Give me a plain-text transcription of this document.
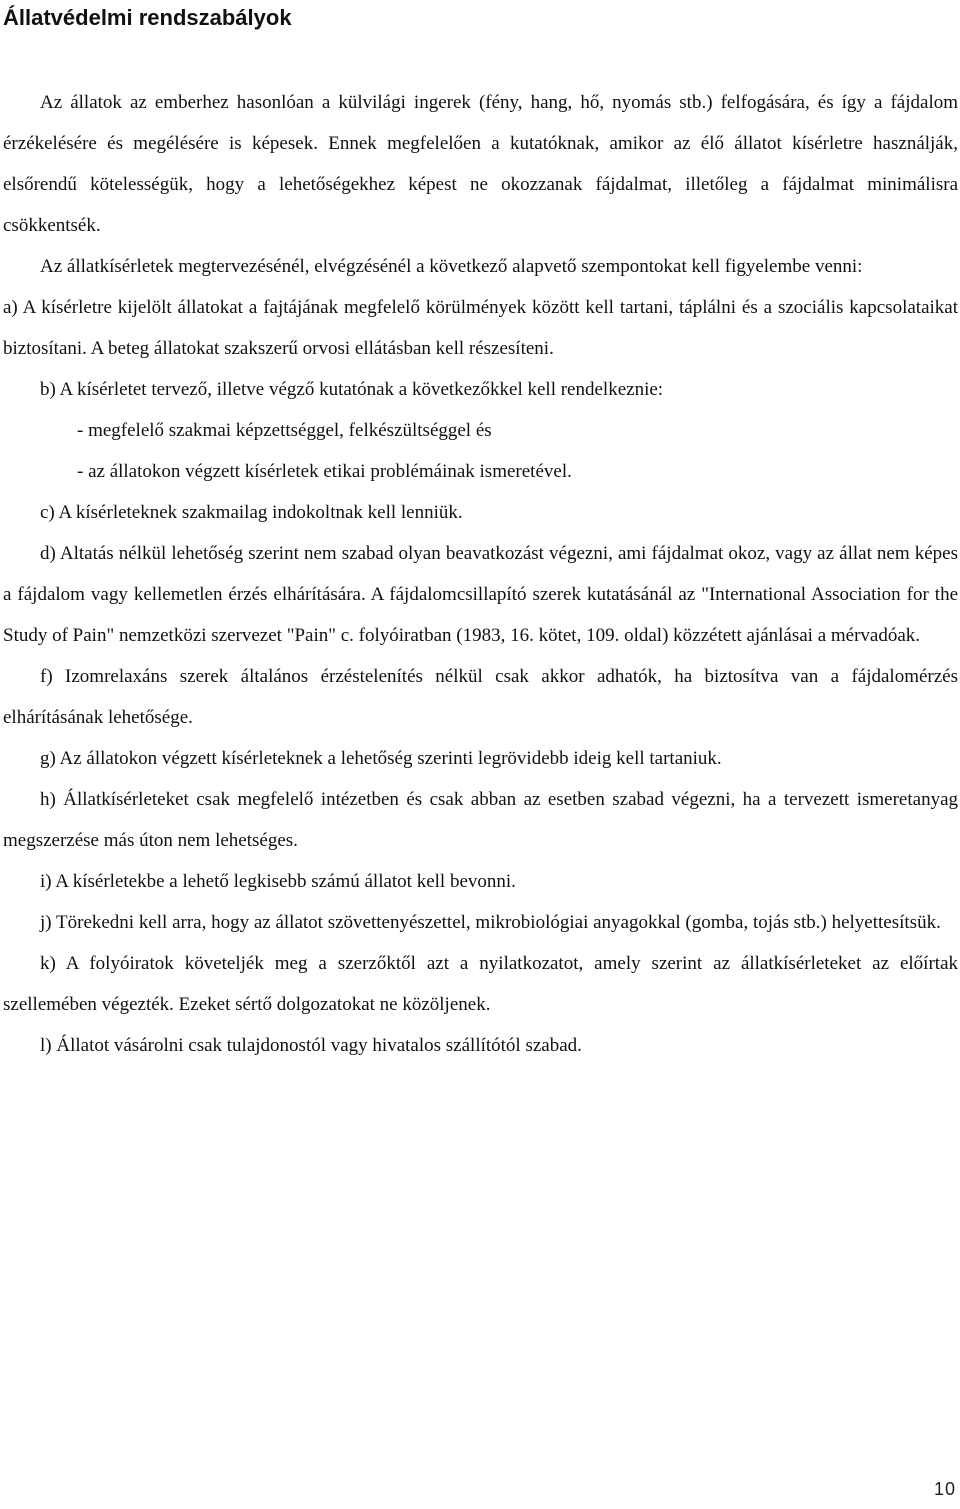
Állatvédelmi rendszabályok

Az állatok az emberhez hasonlóan a külvilági ingerek (fény, hang, hő, nyomás stb.) felfogására, és így a fájdalom érzékelésére és megélésére is képesek. Ennek megfelelően a kutatóknak, amikor az élő állatot kísérletre használják, elsőrendű kötelességük, hogy a lehetőségekhez képest ne okozzanak fájdalmat, illetőleg a fájdalmat minimálisra csökkentsék.

Az állatkísérletek megtervezésénél, elvégzésénél a következő alapvető szempontokat kell figyelembe venni:

a) A kísérletre kijelölt állatokat a fajtájának megfelelő körülmények között kell tartani, táplálni és a szociális kapcsolataikat biztosítani. A beteg állatokat szakszerű orvosi ellátásban kell részesíteni.

b) A kísérletet tervező, illetve végző kutatónak a következőkkel kell rendelkeznie:

- megfelelő szakmai képzettséggel, felkészültséggel és

- az állatokon végzett kísérletek etikai problémáinak ismeretével.

c) A kísérleteknek szakmailag indokoltnak kell lenniük.

d) Altatás nélkül lehetőség szerint nem szabad olyan beavatkozást végezni, ami fájdalmat okoz, vagy az állat nem képes a fájdalom vagy kellemetlen érzés elhárítására. A fájdalomcsillapító szerek kutatásánál az "International Association for the Study of Pain" nemzetközi szervezet "Pain" c. folyóiratban (1983, 16. kötet, 109. oldal) közzétett ajánlásai a mérvadóak.

f) Izomrelaxáns szerek általános érzéstelenítés nélkül csak akkor adhatók, ha biztosítva van a fájdalomérzés elhárításának lehetősége.

g) Az állatokon végzett kísérleteknek a lehetőség szerinti legrövidebb ideig kell tartaniuk.

h) Állatkísérleteket csak megfelelő intézetben és csak abban az esetben szabad végezni, ha a tervezett ismeretanyag megszerzése más úton nem lehetséges.

i) A kísérletekbe a lehető legkisebb számú állatot kell bevonni.

j) Törekedni kell arra, hogy az állatot szövettenyészettel, mikrobiológiai anyagokkal (gomba, tojás stb.) helyettesítsük.

k) A folyóiratok követeljék meg a szerzőktől azt a nyilatkozatot, amely szerint az állatkísérleteket az előírtak szellemében végezték. Ezeket sértő dolgozatokat ne közöljenek.

l) Állatot vásárolni csak tulajdonostól vagy hivatalos szállítótól szabad.

10
